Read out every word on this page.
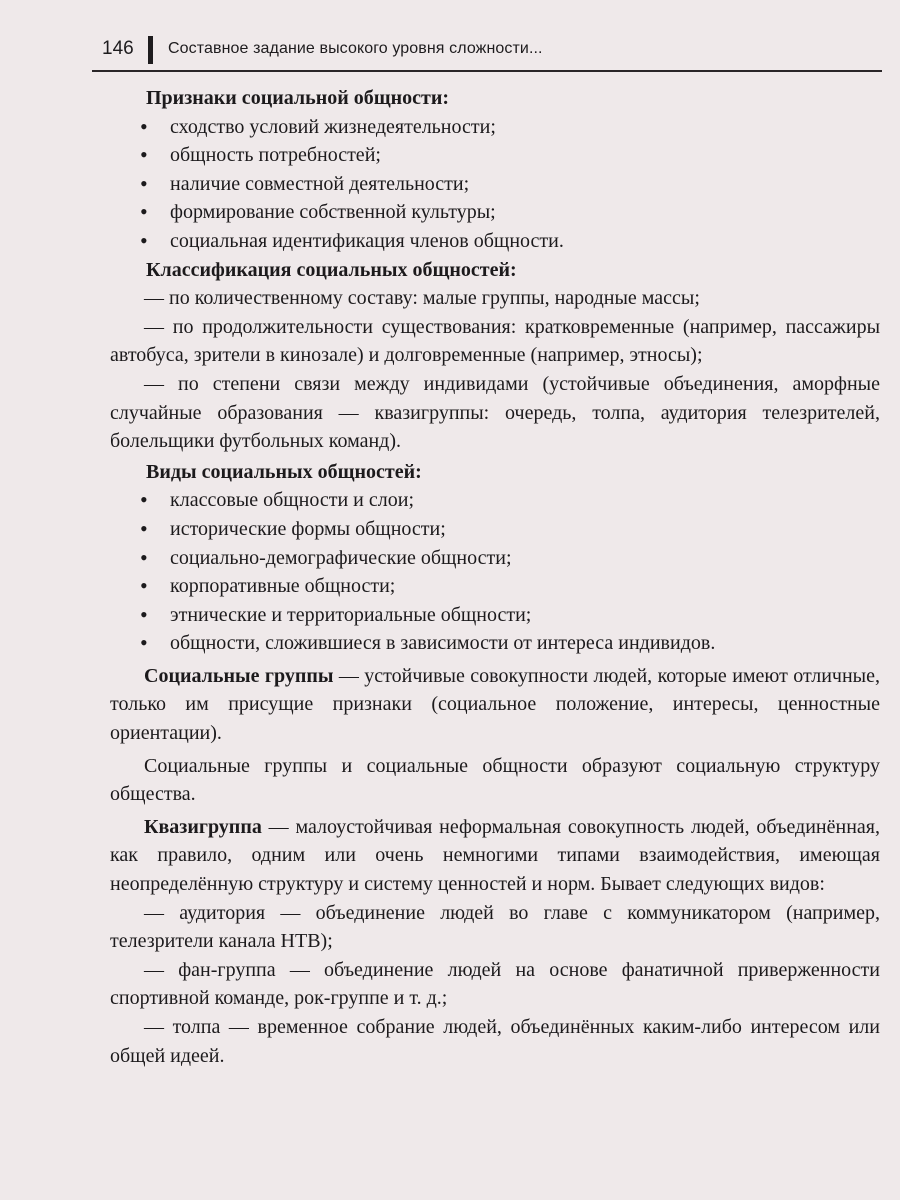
146 Составное задание высокого уровня сложности...
Признаки социальной общности:
• сходство условий жизнедеятельности;
• общность потребностей;
• наличие совместной деятельности;
• формирование собственной культуры;
• социальная идентификация членов общности.
Классификация социальных общностей:
— по количественному составу: малые группы, народные массы;
— по продолжительности существования: кратковременные (например, пассажиры автобуса, зрители в кинозале) и долговременные (например, этносы);
— по степени связи между индивидами (устойчивые объединения, аморфные случайные образования — квазигруппы: очередь, толпа, аудитория телезрителей, болельщики футбольных команд).
Виды социальных общностей:
• классовые общности и слои;
• исторические формы общности;
• социально-демографические общности;
• корпоративные общности;
• этнические и территориальные общности;
• общности, сложившиеся в зависимости от интереса индивидов.
Социальные группы — устойчивые совокупности людей, которые имеют отличные, только им присущие признаки (социальное положение, интересы, ценностные ориентации).
Социальные группы и социальные общности образуют социальную структуру общества.
Квазигруппа — малоустойчивая неформальная совокупность людей, объединённая, как правило, одним или очень немногими типами взаимодействия, имеющая неопределённую структуру и систему ценностей и норм. Бывает следующих видов:
— аудитория — объединение людей во главе с коммуникатором (например, телезрители канала НТВ);
— фан-группа — объединение людей на основе фанатичной приверженности спортивной команде, рок-группе и т. д.;
— толпа — временное собрание людей, объединённых каким-либо интересом или общей идеей.
